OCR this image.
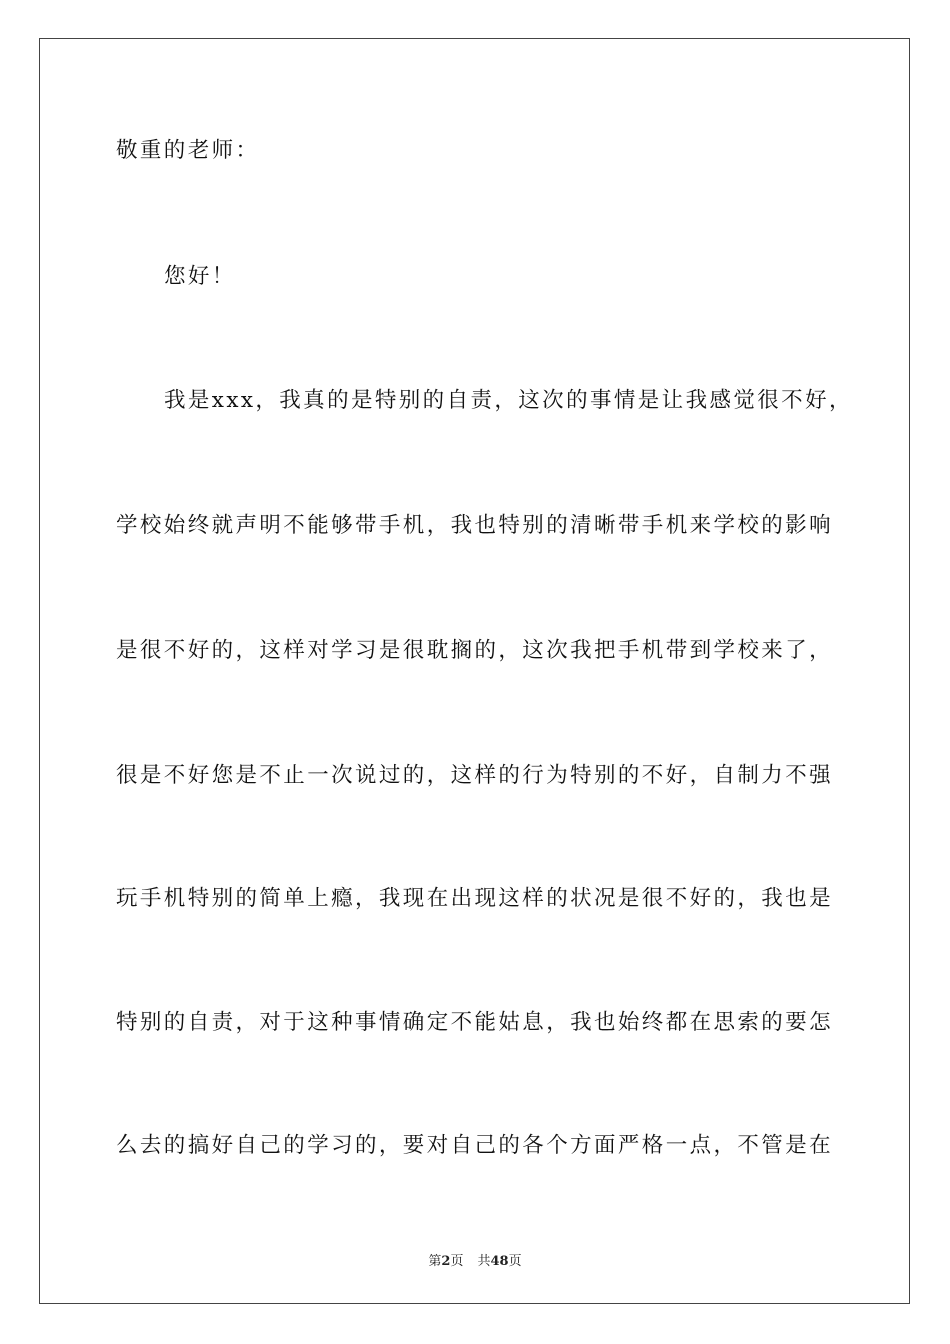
敬重的老师：
您好！
我是xxx，我真的是特别的自责，这次的事情是让我感觉很不好，
学校始终就声明不能够带手机，我也特别的清晰带手机来学校的影响
是很不好的，这样对学习是很耽搁的，这次我把手机带到学校来了，
很是不好您是不止一次说过的，这样的行为特别的不好，自制力不强
玩手机特别的简单上瘾，我现在出现这样的状况是很不好的，我也是
特别的自责，对于这种事情确定不能姑息，我也始终都在思索的要怎
么去的搞好自己的学习的，要对自己的各个方面严格一点，不管是在
第2页 共48页
